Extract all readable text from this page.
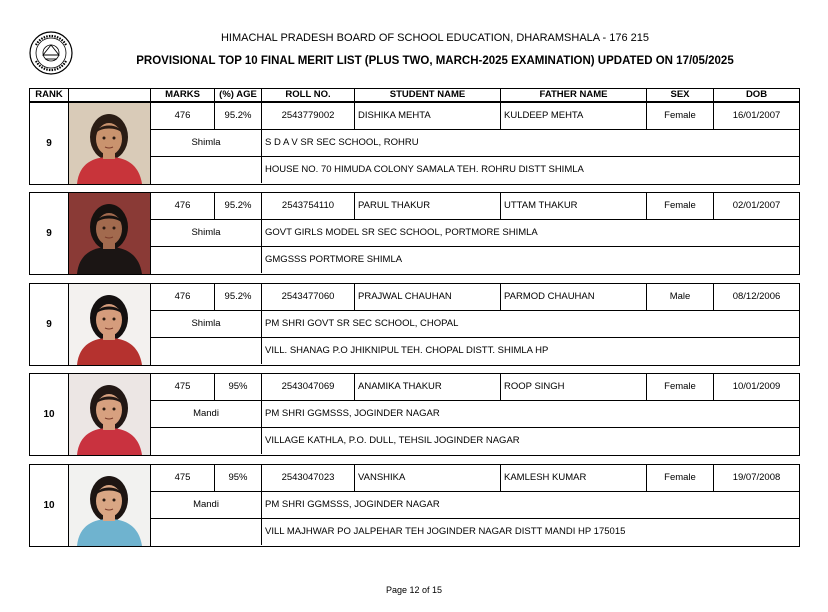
HIMACHAL PRADESH BOARD OF SCHOOL EDUCATION, DHARAMSHALA - 176 215
PROVISIONAL TOP 10 FINAL MERIT LIST (PLUS TWO, MARCH-2025 EXAMINATION) UPDATED ON 17/05/2025
RANK	MARKS	(%) AGE	ROLL NO.	STUDENT NAME	FATHER NAME	SEX	DOB
9
476	95.2%	2543779002	DISHIKA MEHTA	KULDEEP MEHTA	Female	16/01/2007
Shimla	S D A V SR SEC SCHOOL, ROHRU
HOUSE NO. 70 HIMUDA COLONY SAMALA TEH. ROHRU DISTT SHIMLA
9
476	95.2%	2543754110	PARUL THAKUR	UTTAM THAKUR	Female	02/01/2007
Shimla	GOVT GIRLS MODEL SR SEC SCHOOL, PORTMORE SHIMLA
GMGSSS PORTMORE SHIMLA
9
476	95.2%	2543477060	PRAJWAL CHAUHAN	PARMOD CHAUHAN	Male	08/12/2006
Shimla	PM SHRI GOVT SR SEC SCHOOL, CHOPAL
VILL. SHANAG P.O JHIKNIPUL TEH. CHOPAL DISTT. SHIMLA HP
10
475	95%	2543047069	ANAMIKA THAKUR	ROOP SINGH	Female	10/01/2009
Mandi	PM SHRI GGMSSS, JOGINDER NAGAR
VILLAGE KATHLA, P.O. DULL, TEHSIL JOGINDER NAGAR
10
475	95%	2543047023	VANSHIKA	KAMLESH KUMAR	Female	19/07/2008
Mandi	PM SHRI GGMSSS, JOGINDER NAGAR
VILL MAJHWAR PO JALPEHAR TEH JOGINDER NAGAR DISTT MANDI HP 175015
Page 12 of 15
